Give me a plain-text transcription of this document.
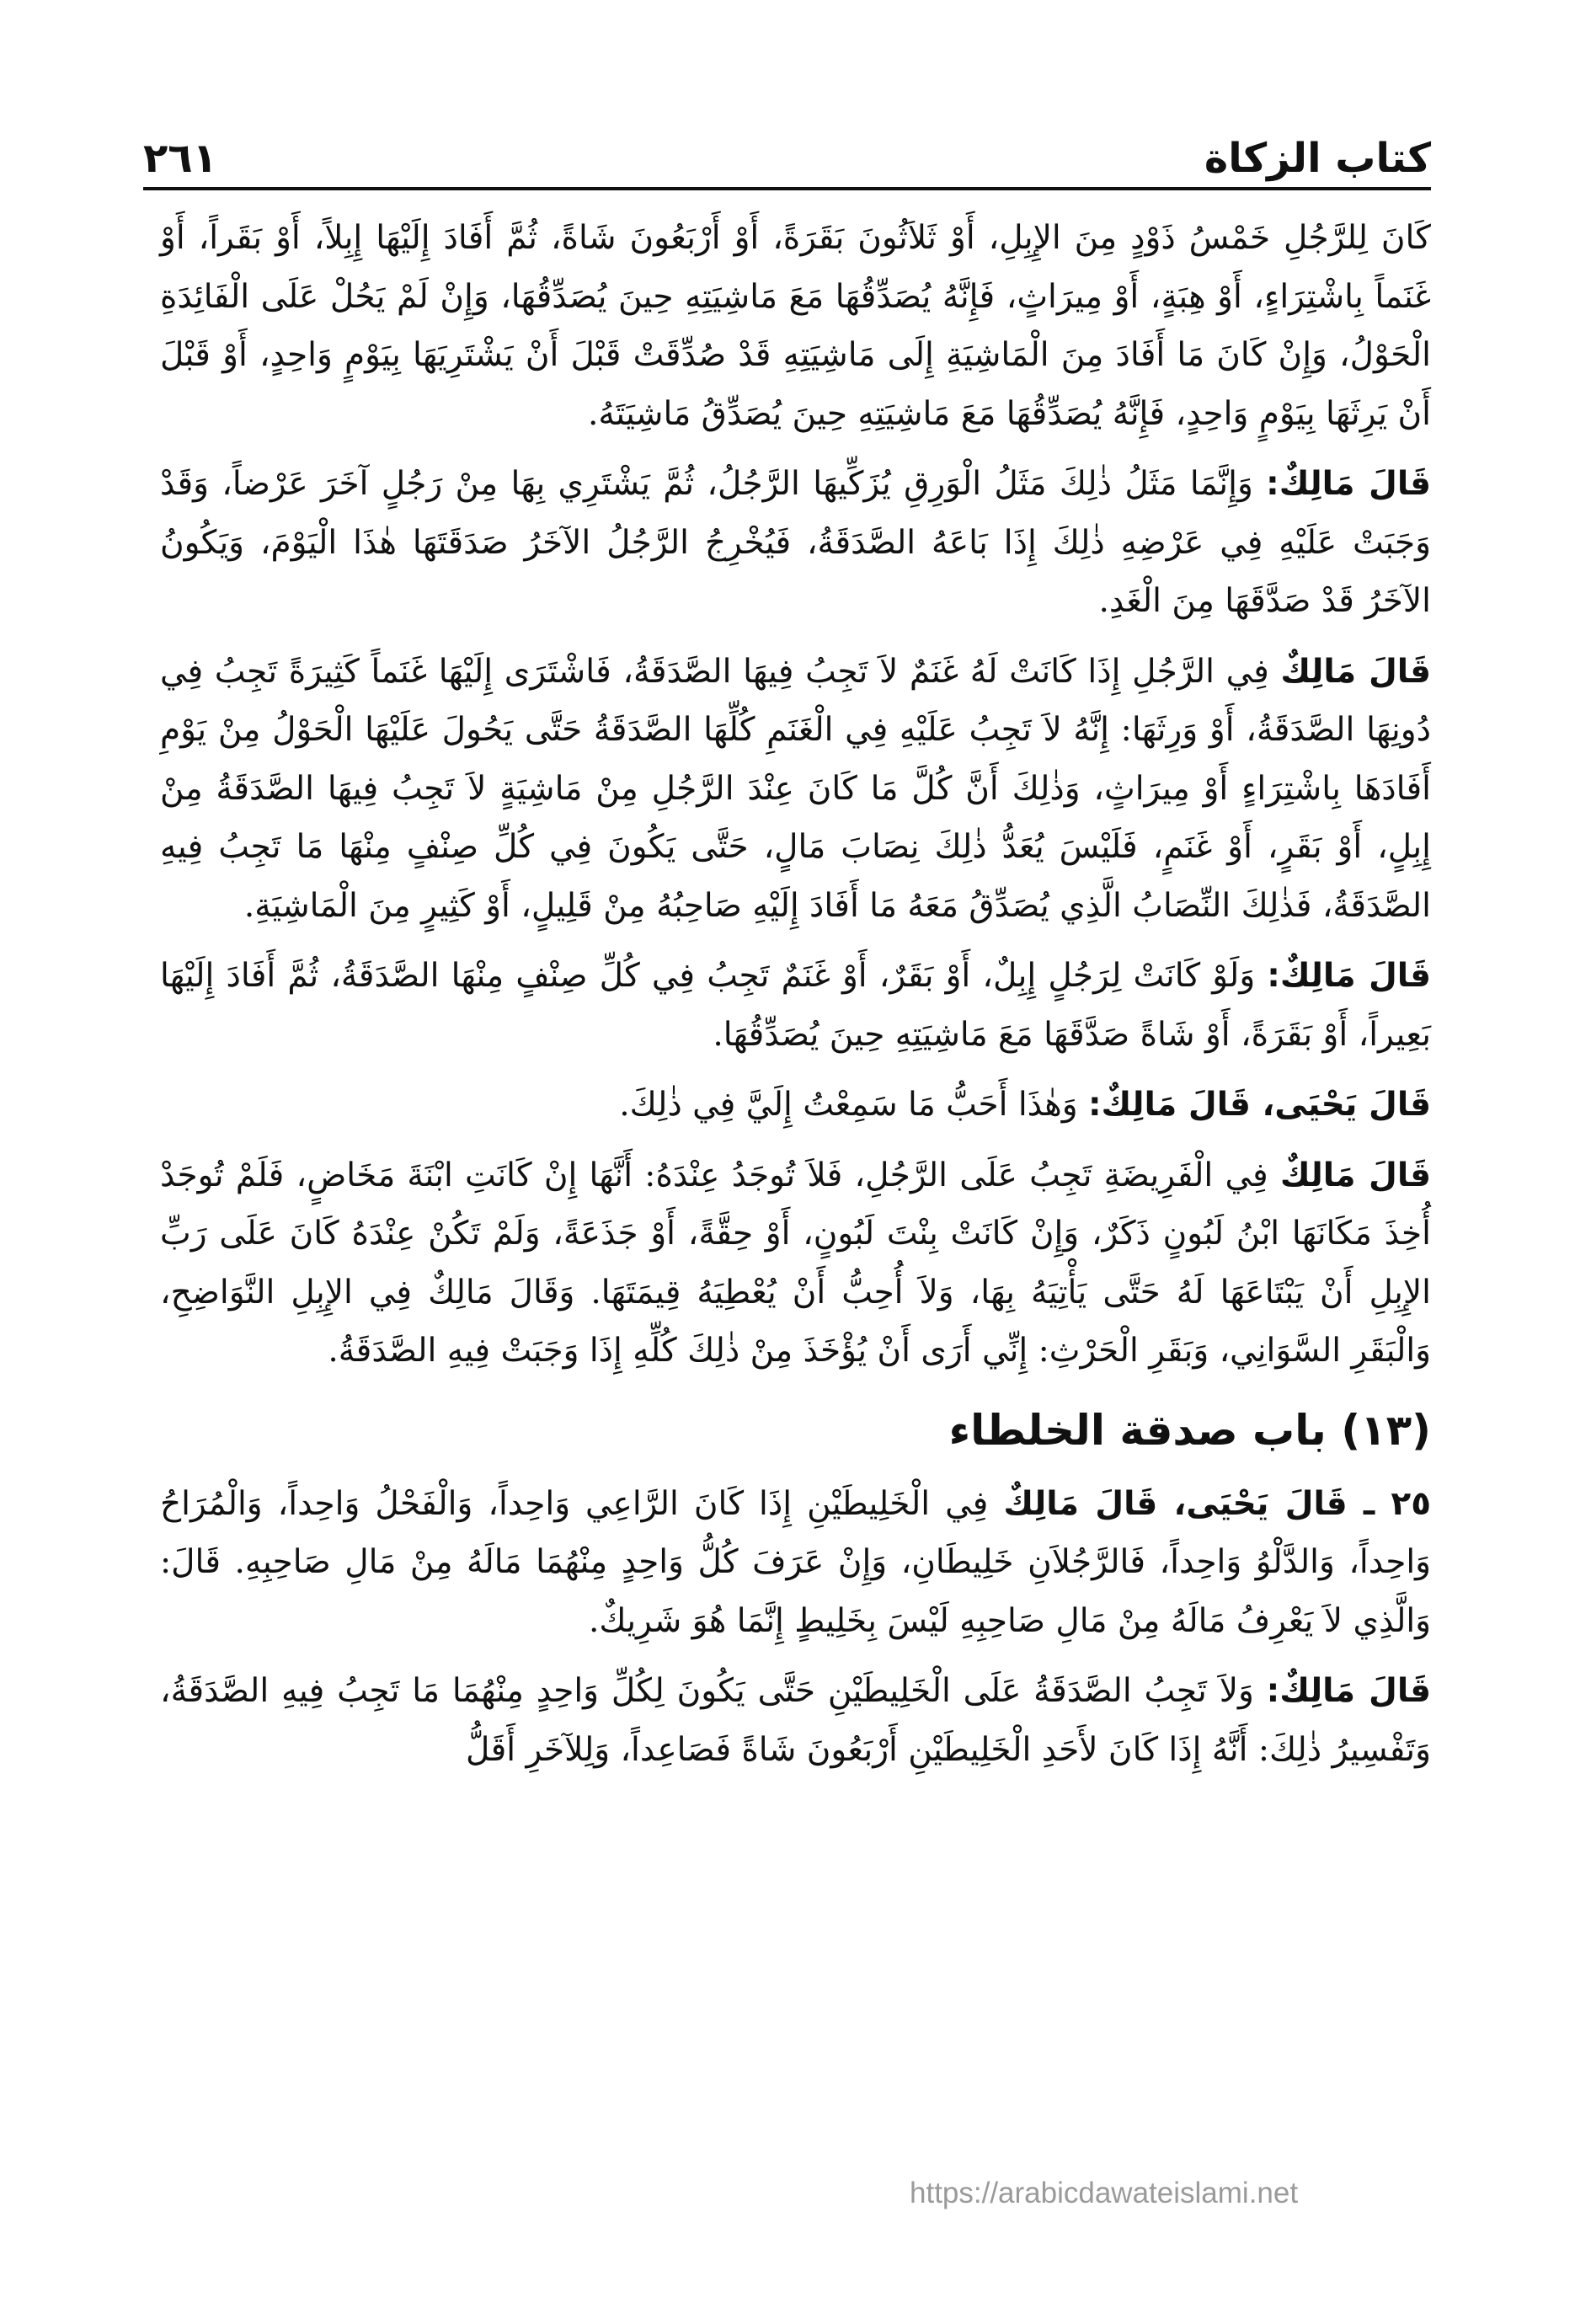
كتاب الزكاة
٢٦١

كَانَ لِلرَّجُلِ خَمْسُ ذَوْدٍ مِنَ الإِبِلِ، أَوْ ثَلاَثُونَ بَقَرَةً، أَوْ أَرْبَعُونَ شَاةً، ثُمَّ أَفَادَ إِلَيْهَا إِبِلاً، أَوْ بَقَراً، أَوْ غَنَماً بِاشْتِرَاءٍ، أَوْ هِبَةٍ، أَوْ مِيرَاثٍ، فَإِنَّهُ يُصَدِّقُهَا مَعَ مَاشِيَتِهِ حِينَ يُصَدِّقُهَا، وَإِنْ لَمْ يَحُلْ عَلَى الْفَائِدَةِ الْحَوْلُ، وَإِنْ كَانَ مَا أَفَادَ مِنَ الْمَاشِيَةِ إِلَى مَاشِيَتِهِ قَدْ صُدِّقَتْ قَبْلَ أَنْ يَشْتَرِيَهَا بِيَوْمٍ وَاحِدٍ، أَوْ قَبْلَ أَنْ يَرِثَهَا بِيَوْمٍ وَاحِدٍ، فَإِنَّهُ يُصَدِّقُهَا مَعَ مَاشِيَتِهِ حِينَ يُصَدِّقُ مَاشِيَتَهُ.

قَالَ مَالِكٌ: وَإِنَّمَا مَثَلُ ذٰلِكَ مَثَلُ الْوَرِقِ يُزَكِّيهَا الرَّجُلُ، ثُمَّ يَشْتَرِي بِهَا مِنْ رَجُلٍ آخَرَ عَرْضاً، وَقَدْ وَجَبَتْ عَلَيْهِ فِي عَرْضِهِ ذٰلِكَ إِذَا بَاعَهُ الصَّدَقَةُ، فَيُخْرِجُ الرَّجُلُ الآخَرُ صَدَقَتَهَا هٰذَا الْيَوْمَ، وَيَكُونُ الآخَرُ قَدْ صَدَّقَهَا مِنَ الْغَدِ.

قَالَ مَالِكٌ فِي الرَّجُلِ إِذَا كَانَتْ لَهُ غَنَمٌ لاَ تَجِبُ فِيهَا الصَّدَقَةُ، فَاشْتَرَى إِلَيْهَا غَنَماً كَثِيرَةً تَجِبُ فِي دُونِهَا الصَّدَقَةُ، أَوْ وَرِثَهَا: إِنَّهُ لاَ تَجِبُ عَلَيْهِ فِي الْغَنَمِ كُلِّهَا الصَّدَقَةُ حَتَّى يَحُولَ عَلَيْهَا الْحَوْلُ مِنْ يَوْمِ أَفَادَهَا بِاشْتِرَاءٍ أَوْ مِيرَاثٍ، وَذٰلِكَ أَنَّ كُلَّ مَا كَانَ عِنْدَ الرَّجُلِ مِنْ مَاشِيَةٍ لاَ تَجِبُ فِيهَا الصَّدَقَةُ مِنْ إِبِلٍ، أَوْ بَقَرٍ، أَوْ غَنَمٍ، فَلَيْسَ يُعَدُّ ذٰلِكَ نِصَابَ مَالٍ، حَتَّى يَكُونَ فِي كُلِّ صِنْفٍ مِنْهَا مَا تَجِبُ فِيهِ الصَّدَقَةُ، فَذٰلِكَ النِّصَابُ الَّذِي يُصَدِّقُ مَعَهُ مَا أَفَادَ إِلَيْهِ صَاحِبُهُ مِنْ قَلِيلٍ، أَوْ كَثِيرٍ مِنَ الْمَاشِيَةِ.

قَالَ مَالِكٌ: وَلَوْ كَانَتْ لِرَجُلٍ إِبِلٌ، أَوْ بَقَرٌ، أَوْ غَنَمٌ تَجِبُ فِي كُلِّ صِنْفٍ مِنْهَا الصَّدَقَةُ، ثُمَّ أَفَادَ إِلَيْهَا بَعِيراً، أَوْ بَقَرَةً، أَوْ شَاةً صَدَّقَهَا مَعَ مَاشِيَتِهِ حِينَ يُصَدِّقُهَا.

قَالَ يَحْيَى، قَالَ مَالِكٌ: وَهٰذَا أَحَبُّ مَا سَمِعْتُ إِلَيَّ فِي ذٰلِكَ.

قَالَ مَالِكٌ فِي الْفَرِيضَةِ تَجِبُ عَلَى الرَّجُلِ، فَلاَ تُوجَدُ عِنْدَهُ: أَنَّهَا إِنْ كَانَتِ ابْنَةَ مَخَاضٍ، فَلَمْ تُوجَدْ أُخِذَ مَكَانَهَا ابْنُ لَبُونٍ ذَكَرٌ، وَإِنْ كَانَتْ بِنْتَ لَبُونٍ، أَوْ حِقَّةً، أَوْ جَذَعَةً، وَلَمْ تَكُنْ عِنْدَهُ كَانَ عَلَى رَبِّ الإِبِلِ أَنْ يَبْتَاعَهَا لَهُ حَتَّى يَأْتِيَهُ بِهَا، وَلاَ أُحِبُّ أَنْ يُعْطِيَهُ قِيمَتَهَا. وَقَالَ مَالِكٌ فِي الإِبِلِ النَّوَاضِحِ، وَالْبَقَرِ السَّوَانِي، وَبَقَرِ الْحَرْثِ: إِنِّي أَرَى أَنْ يُؤْخَذَ مِنْ ذٰلِكَ كُلِّهِ إِذَا وَجَبَتْ فِيهِ الصَّدَقَةُ.

(١٣) باب صدقة الخلطاء

٢٥ ـ قَالَ يَحْيَى، قَالَ مَالِكٌ فِي الْخَلِيطَيْنِ إِذَا كَانَ الرَّاعِي وَاحِداً، وَالْفَحْلُ وَاحِداً، وَالْمُرَاحُ وَاحِداً، وَالدَّلْوُ وَاحِداً، فَالرَّجُلاَنِ خَلِيطَانِ، وَإِنْ عَرَفَ كُلُّ وَاحِدٍ مِنْهُمَا مَالَهُ مِنْ مَالِ صَاحِبِهِ. قَالَ: وَالَّذِي لاَ يَعْرِفُ مَالَهُ مِنْ مَالِ صَاحِبِهِ لَيْسَ بِخَلِيطٍ إِنَّمَا هُوَ شَرِيكٌ.

قَالَ مَالِكٌ: وَلاَ تَجِبُ الصَّدَقَةُ عَلَى الْخَلِيطَيْنِ حَتَّى يَكُونَ لِكُلِّ وَاحِدٍ مِنْهُمَا مَا تَجِبُ فِيهِ الصَّدَقَةُ، وَتَفْسِيرُ ذٰلِكَ: أَنَّهُ إِذَا كَانَ لأَحَدِ الْخَلِيطَيْنِ أَرْبَعُونَ شَاةً فَصَاعِداً، وَلِلآخَرِ أَقَلُّ

https://arabicdawateislami.net
